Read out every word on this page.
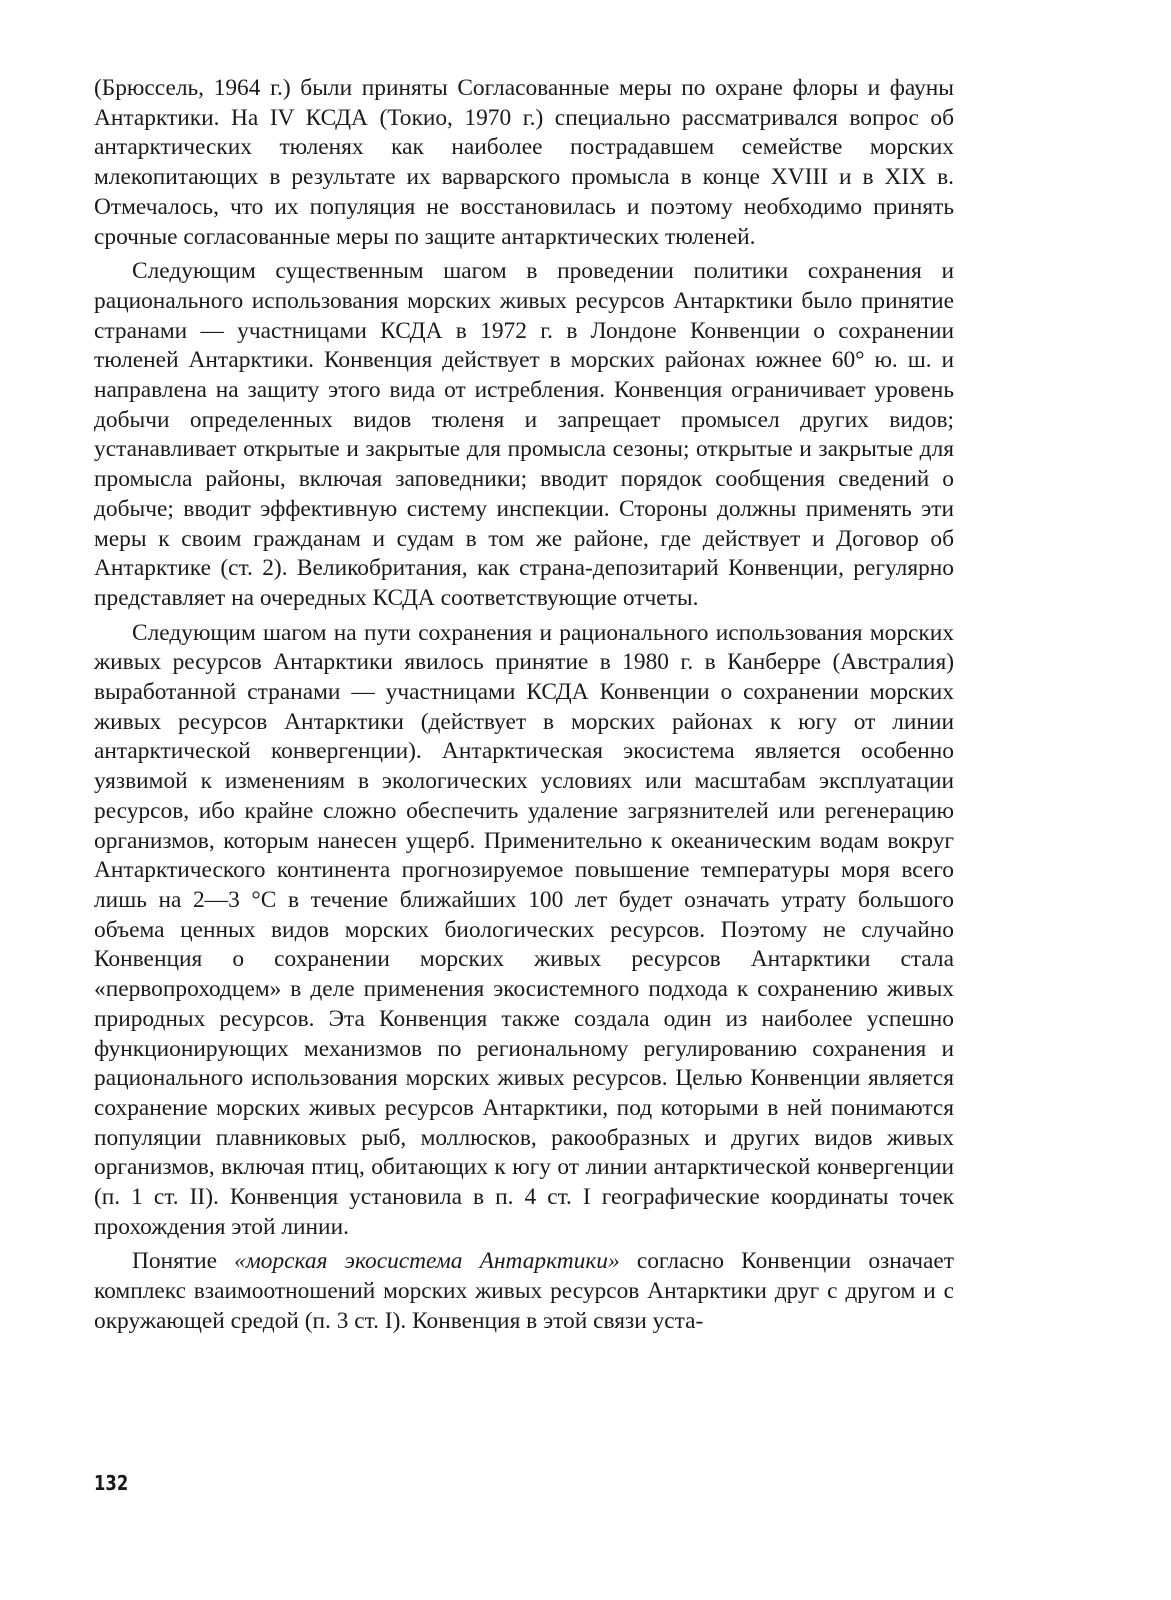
(Брюссель, 1964 г.) были приняты Согласованные меры по охране флоры и фауны Антарктики. На IV КСДА (Токио, 1970 г.) специально рассматривался вопрос об антарктических тюленях как наиболее пострадавшем семействе морских млекопитающих в результате их варварского промысла в конце XVIII и в XIX в. Отмечалось, что их популяция не восстановилась и поэтому необходимо принять срочные согласованные меры по защите антарктических тюленей.

Следующим существенным шагом в проведении политики сохранения и рационального использования морских живых ресурсов Антарктики было принятие странами — участницами КСДА в 1972 г. в Лондоне Конвенции о сохранении тюленей Антарктики. Конвенция действует в морских районах южнее 60° ю. ш. и направлена на защиту этого вида от истребления. Конвенция ограничивает уровень добычи определенных видов тюленя и запрещает промысел других видов; устанавливает открытые и закрытые для промысла сезоны; открытые и закрытые для промысла районы, включая заповедники; вводит порядок сообщения сведений о добыче; вводит эффективную систему инспекции. Стороны должны применять эти меры к своим гражданам и судам в том же районе, где действует и Договор об Антарктике (ст. 2). Великобритания, как страна-депозитарий Конвенции, регулярно представляет на очередных КСДА соответствующие отчеты.

Следующим шагом на пути сохранения и рационального использования морских живых ресурсов Антарктики явилось принятие в 1980 г. в Канберре (Австралия) выработанной странами — участницами КСДА Конвенции о сохранении морских живых ресурсов Антарктики (действует в морских районах к югу от линии антарктической конвергенции). Антарктическая экосистема является особенно уязвимой к изменениям в экологических условиях или масштабам эксплуатации ресурсов, ибо крайне сложно обеспечить удаление загрязнителей или регенерацию организмов, которым нанесен ущерб. Применительно к океаническим водам вокруг Антарктического континента прогнозируемое повышение температуры моря всего лишь на 2—3 °С в течение ближайших 100 лет будет означать утрату большого объема ценных видов морских биологических ресурсов. Поэтому не случайно Конвенция о сохранении морских живых ресурсов Антарктики стала «первопроходцем» в деле применения экосистемного подхода к сохранению живых природных ресурсов. Эта Конвенция также создала один из наиболее успешно функционирующих механизмов по региональному регулированию сохранения и рационального использования морских живых ресурсов. Целью Конвенции является сохранение морских живых ресурсов Антарктики, под которыми в ней понимаются популяции плавниковых рыб, моллюсков, ракообразных и других видов живых организмов, включая птиц, обитающих к югу от линии антарктической конвергенции (п. 1 ст. II). Конвенция установила в п. 4 ст. I географические координаты точек прохождения этой линии.

Понятие «морская экосистема Антарктики» согласно Конвенции означает комплекс взаимоотношений морских живых ресурсов Антарктики друг с другом и с окружающей средой (п. 3 ст. I). Конвенция в этой связи уста-

132
